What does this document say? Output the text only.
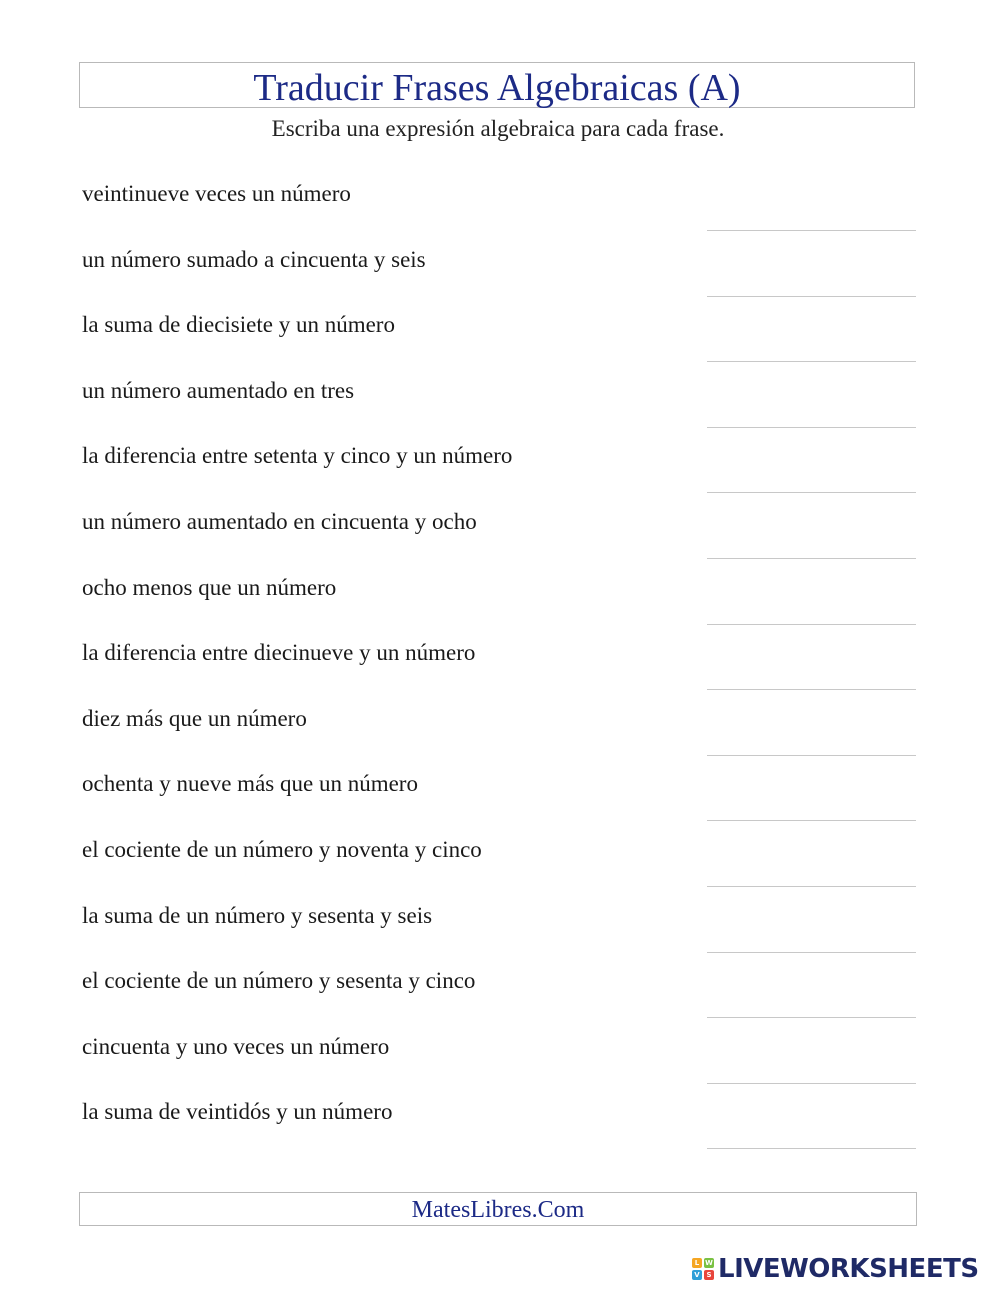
Traducir Frases Algebraicas (A)
Escriba una expresión algebraica para cada frase.
veintinueve veces un número
un número sumado a cincuenta y seis
la suma de diecisiete y un número
un número aumentado en tres
la diferencia entre setenta y cinco y un número
un número aumentado en cincuenta y ocho
ocho menos que un número
la diferencia entre diecinueve y un número
diez más que un número
ochenta y nueve más que un número
el cociente de un número y noventa y cinco
la suma de un número y sesenta y seis
el cociente de un número y sesenta y cinco
cincuenta y uno veces un número
la suma de veintidós y un número
MatesLibres.Com
L W
V S LIVEWORKSHEETS
